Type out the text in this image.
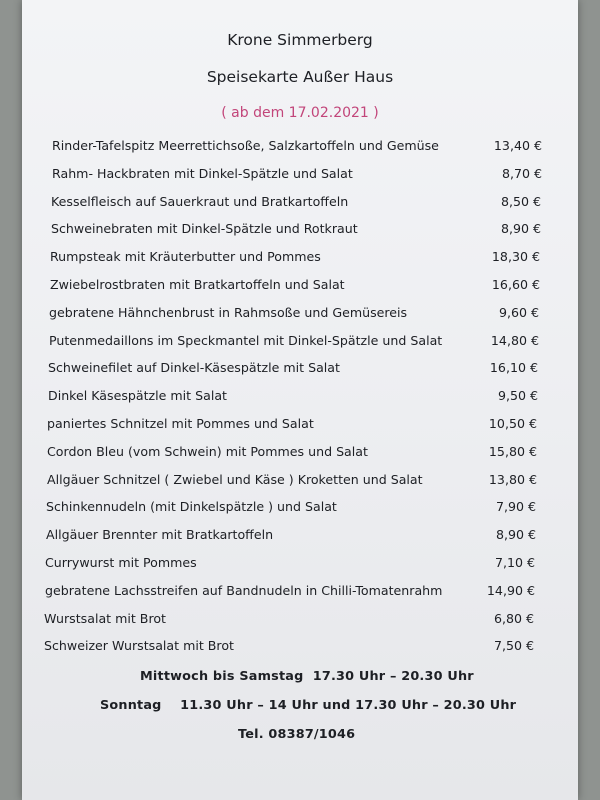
Krone Simmerberg
Speisekarte Außer Haus
( ab dem 17.02.2021 )
Rinder-Tafelspitz Meerrettichsoße, Salzkartoffeln und Gemüse	13,40 €
Rahm- Hackbraten mit Dinkel-Spätzle und Salat	8,70 €
Kesselfleisch auf Sauerkraut und Bratkartoffeln	8,50 €
Schweinebraten mit Dinkel-Spätzle und Rotkraut	8,90 €
Rumpsteak mit Kräuterbutter und Pommes	18,30 €
Zwiebelrostbraten mit Bratkartoffeln und Salat	16,60 €
gebratene Hähnchenbrust in Rahmsoße und Gemüsereis	9,60 €
Putenmedaillons im Speckmantel mit Dinkel-Spätzle und Salat	14,80 €
Schweinefilet auf Dinkel-Käsespätzle mit Salat	16,10 €
Dinkel Käsespätzle mit Salat	9,50 €
paniertes Schnitzel mit Pommes und Salat	10,50 €
Cordon Bleu (vom Schwein) mit Pommes und Salat	15,80 €
Allgäuer Schnitzel ( Zwiebel und Käse ) Kroketten und Salat	13,80 €
Schinkennudeln (mit Dinkelspätzle ) und Salat	7,90 €
Allgäuer Brennter mit Bratkartoffeln	8,90 €
Currywurst mit Pommes	7,10 €
gebratene Lachsstreifen auf Bandnudeln in Chilli-Tomatenrahm	14,90 €
Wurstsalat mit Brot	6,80 €
Schweizer Wurstsalat mit Brot	7,50 €
Mittwoch bis Samstag  17.30 Uhr – 20.30 Uhr
Sonntag    11.30 Uhr – 14 Uhr und 17.30 Uhr – 20.30 Uhr
Tel. 08387/1046
